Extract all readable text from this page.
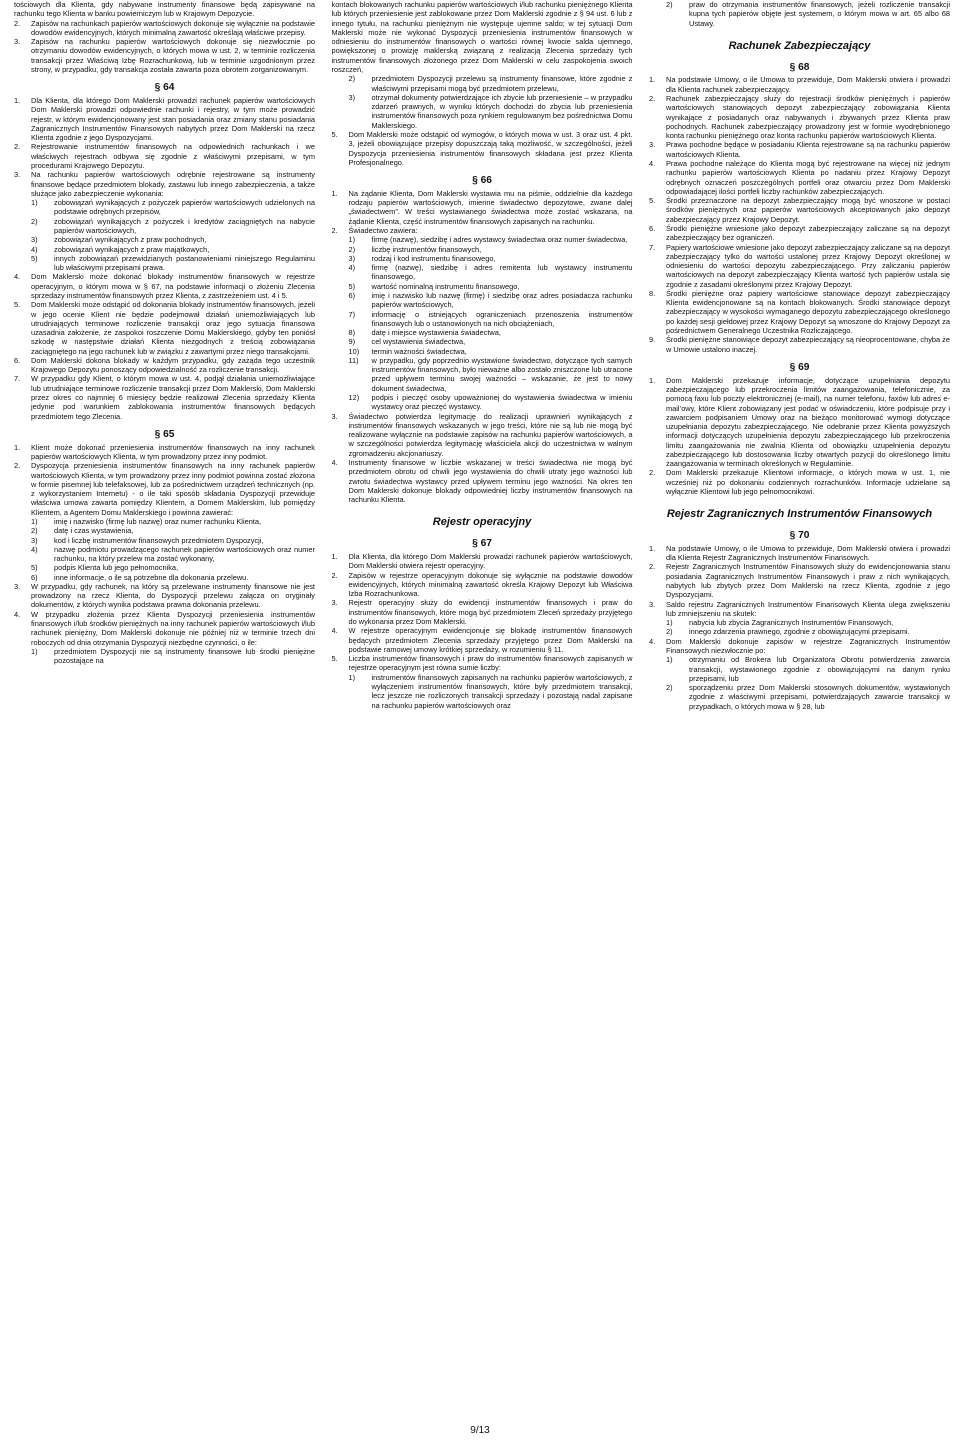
tościowych dla Klienta, gdy nabywane instrumenty finansowe będą zapisywane na rachunku tego Klienta w banku powierniczym lub w Krajowym Depozycie.
2.	Zapisów na rachunkach papierów wartościowych dokonuje się wyłącznie na podstawie dowodów ewidencyjnych, których minimalną zawartość określają właściwe przepisy.
3.	Zapisów na rachunku papierów wartościowych dokonuje się niezwłocznie po otrzymaniu dowodów ewidencyjnych, o których mowa w ust. 2, w terminie rozliczenia transakcji przez Właściwą Izbę Rozrachunkową, lub w terminie uzgodnionym przez strony, w przypadku, gdy transakcja została zawarta poza obrotem zorganizowanym.
§ 64
1.	Dla Klienta, dla którego Dom Maklerski prowadzi rachunek papierów wartościowych Dom Maklerski prowadzi odpowiednie rachunki i rejestry, w tym może prowadzić rejestr, w którym ewidencjonowany jest stan posiadania oraz zmiany stanu posiadania Zagranicznych Instrumentów Finansowych nabytych przez Dom Maklerski na rzecz Klienta zgodnie z jego Dyspozycjami.
2.	Rejestrowanie instrumentów finansowych na odpowiednich rachunkach i we właściwych rejestrach odbywa się zgodnie z właściwymi przepisami, w tym procedurami Krajowego Depozytu.
3.	Na rachunku papierów wartościowych odrębnie rejestrowane są instrumenty finansowe będące przedmiotem blokady, zastawu lub innego zabezpieczenia, a także służące jako zabezpieczenie wykonania:
1)	zobowiązań wynikających z pożyczek papierów wartościowych udzielonych na podstawie odrębnych przepisów,
2)	zobowiązań wynikających z pożyczek i kredytów zaciągniętych na nabycie papierów wartościowych,
3)	zobowiązań wynikających z praw pochodnych,
4)	zobowiązań wynikających z praw majątkowych,
5)	innych zobowiązań przewidzianych postanowieniami niniejszego Regulaminu lub właściwymi przepisami prawa.
4.	Dom Maklerski może dokonać blokady instrumentów finansowych w rejestrze operacyjnym, o którym mowa w § 67, na podstawie informacji o złożeniu Zlecenia sprzedaży instrumentów finansowych przez Klienta, z zastrzeżeniem ust. 4 i 5.
5.	Dom Maklerski może odstąpić od dokonania blokady instrumentów finansowych, jeżeli w jego ocenie Klient nie będzie podejmował działań uniemożliwiających lub utrudniających terminowe rozliczenie transakcji oraz jego sytuacja finansowa uzasadnia założenie, że zaspokoi roszczenie Domu Maklerskiego, gdyby ten poniósł szkodę w następstwie działań Klienta niezgodnych z treścią zobowiązania zaciągniętego na jego rachunek lub w związku z zawartymi przez niego transakcjami.
6.	Dom Maklerski dokona blokady w każdym przypadku, gdy zażąda tego uczestnik Krajowego Depozytu ponoszący odpowiedzialność za rozliczenie transakcji.
7.	W przypadku gdy Klient, o którym mowa w ust. 4, podjął działania uniemożliwiające lub utrudniające terminowe rozliczenie transakcji przez Dom Maklerski, Dom Maklerski przez okres co najmniej 6 miesięcy będzie realizował Zlecenia sprzedaży Klienta jedynie pod warunkiem zablokowania instrumentów finansowych będących przedmiotem tego Zlecenia.
§ 65
1.	Klient może dokonać przeniesienia instrumentów finansowych na inny rachunek papierów wartościowych Klienta, w tym prowadzony przez inny podmiot.
2.	Dyspozycja przeniesienia instrumentów finansowych na inny rachunek papierów wartościowych Klienta, w tym prowadzony przez inny podmiot powinna zostać złożona w formie pisemnej lub telefaksowej, lub za pośrednictwem urządzeń technicznych (np. z wykorzystaniem Internetu) - o ile taki sposób składania Dyspozycji przewiduje właściwa umowa zawarta pomiędzy Klientem, a Domem Maklerskim, lub pomiędzy Klientem, a Agentem Domu Maklerskiego i powinna zawierać:
1)	imię i nazwisko (firmę lub nazwę) oraz numer rachunku Klienta,
2)	datę i czas wystawienia,
3)	kod i liczbę instrumentów finansowych przedmiotem Dyspozycji,
4)	nazwę podmiotu prowadzącego rachunek papierów wartościowych oraz numer rachunku, na który przelew ma zostać wykonany,
5)	podpis Klienta lub jego pełnomocnika,
6)	inne informacje, o ile są potrzebne dla dokonania przelewu.
3.	W przypadku, gdy rachunek, na który są przelewane instrumenty finansowe nie jest prowadzony na rzecz Klienta, do Dyspozycji przelewu załącza on oryginały dokumentów, z których wynika podstawa prawna dokonania przelewu.
4.	W przypadku złożenia przez Klienta Dyspozycji przeniesienia instrumentów finansowych i/lub środków pieniężnych na inny rachunek papierów wartościowych i/lub rachunek pieniężny, Dom Maklerski dokonuje nie później niż w terminie trzech dni roboczych od dnia otrzymania Dyspozycji niezbędne czynności, o ile:
1)	przedmiotem Dyspozycji nie są instrumenty finansowe lub środki pieniężne pozostające na
kontach blokowanych rachunku papierów wartościowych i/lub rachunku pieniężnego Klienta lub których przeniesienie jest zablokowane przez Dom Maklerski zgodnie z § 94 ust. 6 lub z innego tytułu, na rachunku pieniężnym nie występuje ujemne saldo; w tej sytuacji Dom Maklerski może nie wykonać Dyspozycji przeniesienia instrumentów finansowych w odniesieniu do instrumentów finansowych o wartości równej kwocie salda ujemnego, powiększonej o prowizję maklerską związaną z realizacją Zlecenia sprzedaży tych instrumentów finansowych złożonego przez Dom Maklerski w celu zaspokojenia swoich roszczeń,
2)	przedmiotem Dyspozycji przelewu są instrumenty finansowe, które zgodnie z właściwymi przepisami mogą być przedmiotem przelewu,
3)	otrzymał dokumenty potwierdzające ich zbycie lub przeniesienie – w przypadku zdarzeń prawnych, w wyniku których dochodzi do zbycia lub przeniesienia instrumentów finansowych poza rynkiem regulowanym bez pośrednictwa Domu Maklerskiego.
5.	Dom Maklerski może odstąpić od wymogów, o których mowa w ust. 3 oraz ust. 4 pkt. 3, jeżeli obowiązujące przepisy dopuszczają taką możliwość, w szczególności, jeżeli Dyspozycja przeniesienia instrumentów finansowych składana jest przez Klienta Profesjonalnego.
§ 66
1.	Na żądanie Klienta, Dom Maklerski wystawia mu na piśmie, oddzielnie dla każdego rodzaju papierów wartościowych, imienne świadectwo depozytowe, zwane dalej „świadectwem”. W treści wystawianego świadectwa może zostać wskazana, na żądanie Klienta, część instrumentów finansowych zapisanych na rachunku.
2.	Świadectwo zawiera:
1)	firmę (nazwę), siedzibę i adres wystawcy świadectwa oraz numer świadectwa,
2)	liczbę instrumentów finansowych,
3)	rodzaj i kod instrumentu finansowego,
4)	firmę (nazwę), siedzibę i adres remitenta lub wystawcy instrumentu finansowego,
5)	wartość nominalną instrumentu finansowego,
6)	imię i nazwisko lub nazwę (firmę) i siedzibę oraz adres posiadacza rachunku papierów wartościowych,
7)	informację o istniejących ograniczeniach przenoszenia instrumentów finansowych lub o ustanowionych na nich obciążeniach,
8)	datę i miejsce wystawienia świadectwa,
9)	cel wystawienia świadectwa,
10)	termin ważności świadectwa,
11)	w przypadku, gdy poprzednio wystawione świadectwo, dotyczące tych samych instrumentów finansowych, było nieważne albo zostało zniszczone lub utracone przed upływem terminu swojej ważności – wskazanie, że jest to nowy dokument świadectwa,
12)	podpis i pieczęć osoby upoważnionej do wystawienia świadectwa w imieniu wystawcy oraz pieczęć wystawcy.
3.	Świadectwo potwierdza legitymację do realizacji uprawnień wynikających z instrumentów finansowych wskazanych w jego treści, które nie są lub nie mogą być realizowane wyłącznie na podstawie zapisów na rachunku papierów wartościowych, a w szczególności potwierdza legitymację właściciela akcji do uczestnictwa w walnym zgromadzeniu akcjonariuszy.
4.	Instrumenty finansowe w liczbie wskazanej w treści świadectwa nie mogą być przedmiotem obrotu od chwili jego wystawienia do chwili utraty jego ważności lub zwrotu świadectwa wystawcy przed upływem terminu jego ważności. Na okres ten Dom Maklerski dokonuje blokady odpowiedniej liczby instrumentów finansowych na rachunku Klienta.
Rejestr operacyjny
§ 67
1.	Dla Klienta, dla którego Dom Maklerski prowadzi rachunek papierów wartościowych, Dom Maklerski otwiera rejestr operacyjny.
2.	Zapisów w rejestrze operacyjnym dokonuje się wyłącznie na podstawie dowodów ewidencyjnych, których minimalną zawartość określa Krajowy Depozyt lub Właściwa Izba Rozrachunkowa.
3.	Rejestr operacyjny służy do ewidencji instrumentów finansowych i praw do instrumentów finansowych, które mogą być przedmiotem Zleceń sprzedaży przyjętego do wykonania przez Dom Maklerski.
4.	W rejestrze operacyjnym ewidencjonuje się blokadę instrumentów finansowych będących przedmiotem Zlecenia sprzedaży przyjętego przez Dom Maklerski na podstawie ramowej umowy krótkiej sprzedaży, w rozumieniu § 11.
5.	Liczba instrumentów finansowych i praw do instrumentów finansowych zapisanych w rejestrze operacyjnym jest równa sumie liczby:
1)	instrumentów finansowych zapisanych na rachunku papierów wartościowych, z wyłączeniem instrumentów finansowych, które były przedmiotem transakcji, lecz jeszcze nie rozliczonych transakcji sprzedaży i pozostają nadal zapisane na rachunku papierów wartościowych oraz
2)	praw do otrzymania instrumentów finansowych, jeżeli rozliczenie transakcji kupna tych papierów objęte jest systemem, o którym mowa w art. 65 albo 68 Ustawy.
Rachunek Zabezpieczający
§ 68
1.	Na podstawie Umowy, o ile Umowa to przewiduje, Dom Maklerski otwiera i prowadzi dla Klienta rachunek zabezpieczający.
2.	Rachunek zabezpieczający służy do rejestracji środków pieniężnych i papierów wartościowych stanowiących depozyt zabezpieczający zobowiązania Klienta wynikające z posiadanych oraz nabywanych i zbywanych przez Klienta praw pochodnych. Rachunek zabezpieczający prowadzony jest w formie wyodrębnionego konta rachunku pieniężnego oraz konta rachunku papierów wartościowych Klienta.
3.	Prawa pochodne będące w posiadaniu Klienta rejestrowane są na rachunku papierów wartościowych Klienta.
4.	Prawa pochodne należące do Klienta mogą być rejestrowane na więcej niż jednym rachunku papierów wartościowych Klienta po nadaniu przez Krajowy Depozyt odrębnych oznaczeń poszczególnych portfeli oraz otwarciu przez Dom Maklerski odpowiadającej ilości portfeli liczby rachunków zabezpieczających.
5.	Środki przeznaczone na depozyt zabezpieczający mogą być wnoszone w postaci środków pieniężnych oraz papierów wartościowych akceptowanych jako depozyt zabezpieczający przez Krajowy Depozyt.
6.	Środki pieniężne wniesione jako depozyt zabezpieczający zaliczane są na depozyt zabezpieczający bez ograniczeń.
7.	Papiery wartościowe wniesione jako depozyt zabezpieczający zaliczane są na depozyt zabezpieczający tylko do wartości ustalonej przez Krajowy Depozyt określonej w odniesieniu do wartości depozytu zabezpieczającego. Przy zaliczaniu papierów wartościowych na depozyt zabezpieczający Klienta wartość tych papierów ustala się zgodnie z zasadami określonymi przez Krajowy Depozyt.
8.	Środki pieniężne oraz papiery wartościowe stanowiące depozyt zabezpieczający Klienta ewidencjonowane są na kontach blokowanych. Środki stanowiące depozyt zabezpieczający w wysokości wymaganego depozytu zabezpieczającego określonego po każdej sesji giełdowej przez Krajowy Depozyt są wnoszone do Krajowy Depozyt za pośrednictwem Generalnego Uczestnika Rozliczającego.
9.	Środki pieniężne stanowiące depozyt zabezpieczający są nieoprocentowane, chyba że w Umowie ustalono inaczej.
§ 69
1.	Dom Maklerski przekazuje informacje, dotyczące uzupełniania depozytu zabezpieczającego lub przekroczenia limitów zaangażowania, telefonicznie, za pomocą faxu lub poczty elektronicznej (e-mail), na numer telefonu, faxów lub adres e-mail’owy, które Klient zobowiązany jest podać w oświadczeniu, które podpisuje przy i zawarciem podpisaniem Umowy oraz na bieżąco monitorować wymogi dotyczące uzupełniania depozytu zabezpieczającego. Nie odebranie przez Klienta powyższych informacji dotyczących uzupełnienia depozytu zabezpieczającego lub przekroczenia limitu zaangażowania nie zwalnia Klienta od obowiązku uzupełnienia depozytu zabezpieczającego lub dostosowania liczby otwartych pozycji do określonego limitu zaangażowania w terminach określonych w Regulaminie.
2.	Dom Maklerski przekazuje Klientowi informacje, o których mowa w ust. 1, nie wcześniej niż po dokonaniu codziennych rozrachunków. Informacje udzielane są wyłącznie Klientowi lub jego pełnomocnikowi.
Rejestr Zagranicznych Instrumentów Finansowych
§ 70
1.	Na podstawie Umowy, o ile Umowa to przewiduje, Dom Maklerski otwiera i prowadzi dla Klienta Rejestr Zagranicznych Instrumentów Finansowych.
2.	Rejestr Zagranicznych Instrumentów Finansowych służy do ewidencjonowania stanu posiadania Zagranicznych Instrumentów Finansowych i praw z nich wynikających, nabytych lub zbytych przez Dom Maklerski na rzecz Klienta, zgodnie z jego Dyspozycjami.
3.	Saldo rejestru Zagranicznych Instrumentów Finansowych Klienta ulega zwiększeniu lub zmniejszeniu na skutek:
1)	nabycia lub zbycia Zagranicznych Instrumentów Finansowych,
2)	innego zdarzenia prawnego, zgodnie z obowiązującymi przepisami.
4.	Dom Maklerski dokonuje zapisów w rejestrze Zagranicznych Instrumentów Finansowych niezwłocznie po:
1)	otrzymaniu od Brokera lub Organizatora Obrotu potwierdzenia zawarcia transakcji, wystawionego zgodnie z obowiązującymi na danym rynku przepisami, lub
2)	sporządzeniu przez Dom Maklerski stosownych dokumentów, wystawionych zgodnie z właściwymi przepisami, potwierdzających zawarcie transakcji w przypadkach, o których mowa w § 28, lub
9/13
